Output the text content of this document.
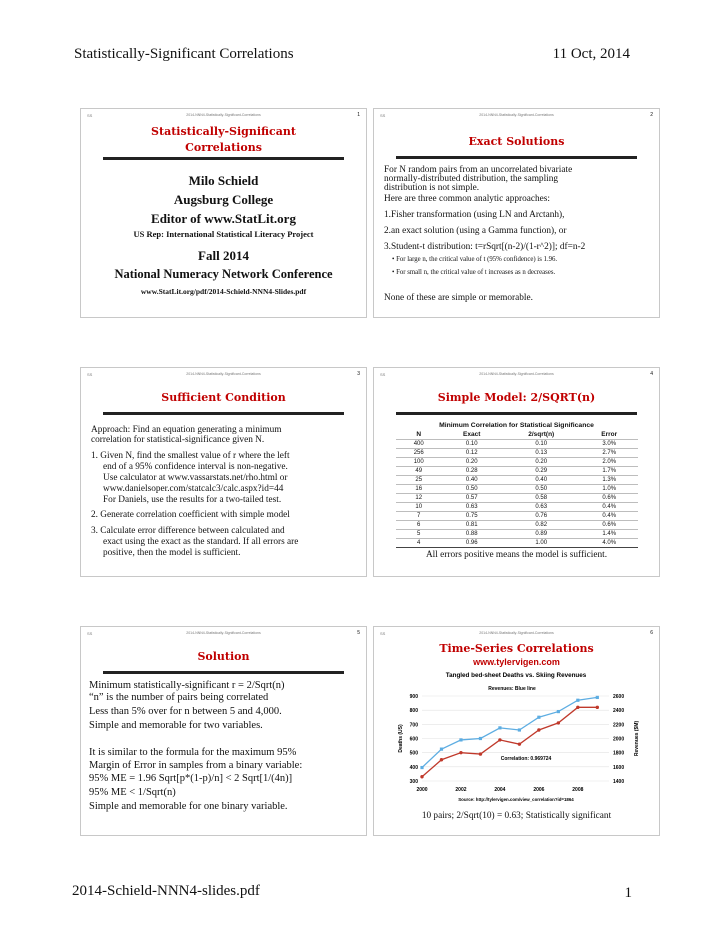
Statistically-Significant Correlations	11 Oct, 2014
SS	2014-NNN4-Statistically-Significant-Correlations	1
Statistically-Significant
Correlations
Milo Schield
Augsburg College
Editor of www.StatLit.org
US Rep: International Statistical Literacy Project
Fall 2014
National Numeracy Network Conference
www.StatLit.org/pdf/2014-Schield-NNN4-Slides.pdf
SS	2014-NNN4-Statistically-Significant-Correlations	2
Exact Solutions
For N random pairs from an uncorrelated bivariate
normally-distributed distribution, the sampling
distribution is not simple.
Here are three common analytic approaches:
1.Fisher transformation (using LN and Arctanh),
2.an exact solution (using a Gamma function), or
3.Student-t distribution: t=rSqrt[(n-2)/(1-r^2)]; df=n-2
• For large n, the critical value of t (95% confidence) is 1.96.
• For small n, the critical value of t increases as n decreases.
None of these are simple or memorable.
SS	2014-NNN4-Statistically-Significant-Correlations	3
Sufficient Condition
Approach: Find an equation generating a minimum
correlation for statistical-significance given N.
1. Given N, find the smallest value of r where the left
end of a 95% confidence interval is non-negative.
Use calculator at www.vassarstats.net/rho.html or
www.danielsoper.com/statcalc3/calc.aspx?id=44
For Daniels, use the results for a two-tailed test.
2. Generate correlation coefficient with simple model
3. Calculate error difference between calculated and
exact using the exact as the standard. If all errors are
positive, then the model is sufficient.
SS	2014-NNN4-Statistically-Significant-Correlations	4
Simple Model: 2/SQRT(n)
Minimum Correlation for Statistical Significance
N	Exact	2/sqrt(n)	Error
400	0.10	0.10	3.0%
256	0.12	0.13	2.7%
100	0.20	0.20	2.0%
49	0.28	0.29	1.7%
25	0.40	0.40	1.3%
16	0.50	0.50	1.0%
12	0.57	0.58	0.6%
10	0.63	0.63	0.4%
7	0.75	0.76	0.4%
6	0.81	0.82	0.6%
5	0.88	0.89	1.4%
4	0.96	1.00	4.0%
All errors positive means the model is sufficient.
SS	2014-NNN4-Statistically-Significant-Correlations	5
Solution
Minimum statistically-significant r = 2/Sqrt(n)
“n” is the number of pairs being correlated
Less than 5% over for n between 5 and 4,000.
Simple and memorable for two variables.
It is similar to the formula for the maximum 95%
Margin of Error in samples from a binary variable:
95% ME = 1.96 Sqrt[p*(1-p)/n] < 2 Sqrt[1/(4n)]
95% ME < 1/Sqrt(n)
Simple and memorable for one binary variable.
SS	2014-NNN4-Statistically-Significant-Correlations	6
Time-Series Correlations
www.tylervigen.com
Tangled bed-sheet Deaths vs. Skiing Revenues
300
400
500
600
700
800
900
1400
1600
1800
2000
2200
2400
2600
2000	2002	2004	2006	2008
Deaths (US)	Revenues ($M)
Revenues: Blue line
Correlation: 0.969724
Source: http://tylervigen.com/view_correlation?id=1864
10 pairs; 2/Sqrt(10) = 0.63; Statistically significant
2014-Schield-NNN4-slides.pdf	1
